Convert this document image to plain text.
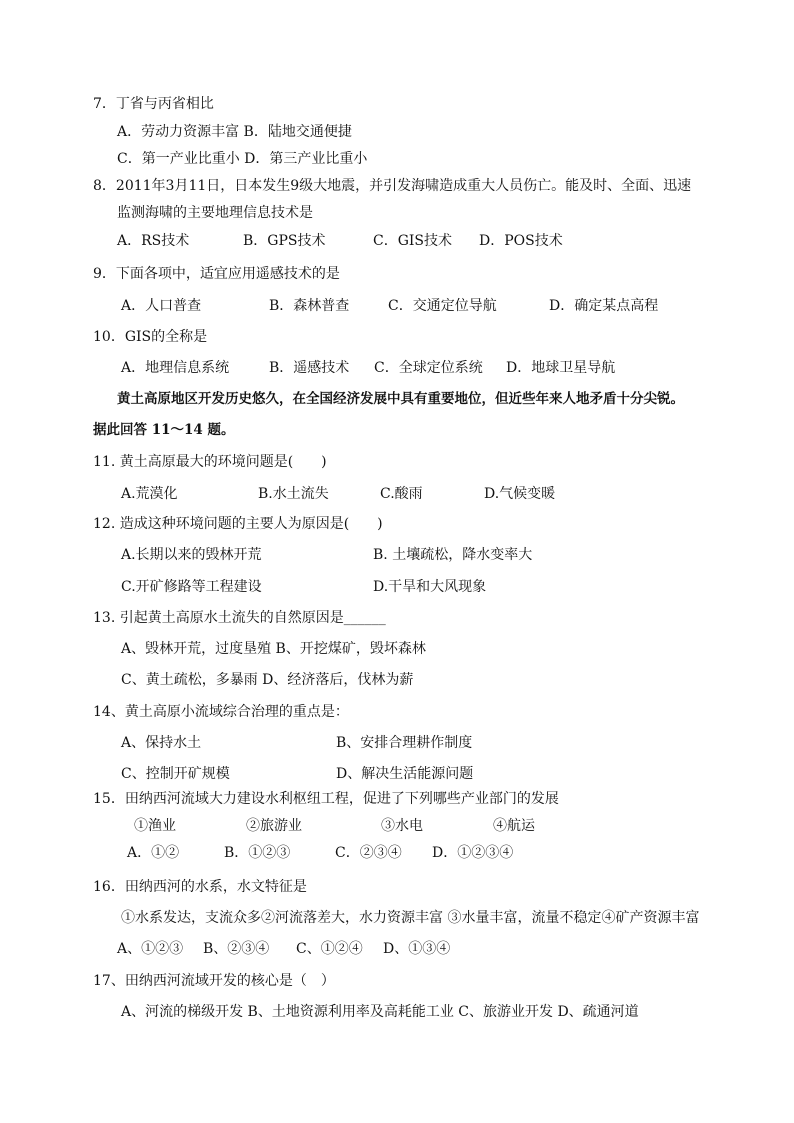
7．丁省与丙省相比
A．劳动力资源丰富 B．陆地交通便捷
C．第一产业比重小 D．第三产业比重小
8．2011年3月11日，日本发生9级大地震，并引发海啸造成重大人员伤亡。能及时、全面、迅速
监测海啸的主要地理信息技术是
A．RS技术	B．GPS技术	C．GIS技术 D．POS技术
9．下面各项中，适宜应用遥感技术的是
A．人口普查	B．森林普查	C．交通定位导航	D．确定某点高程
10．GIS的全称是
A．地理信息系统	B．遥感技术 C．全球定位系统 D．地球卫星导航
黄土高原地区开发历史悠久，在全国经济发展中具有重要地位，但近些年来人地矛盾十分尖锐。
据此回答 11～14 题。
11. 黄土高原最大的环境问题是(　　)
A.荒漠化	B.水土流失	C.酸雨	D.气候变暖
12. 造成这种环境问题的主要人为原因是(　　)
A.长期以来的毁林开荒	B. 土壤疏松，降水变率大
C.开矿修路等工程建设	D.干旱和大风现象
13. 引起黄土高原水土流失的自然原因是______
A、毁林开荒，过度垦殖 B、开挖煤矿，毁坏森林
C、黄土疏松，多暴雨 D、经济落后，伐林为薪
14、黄土高原小流域综合治理的重点是：
A、保持水土	B、安排合理耕作制度
C、控制开矿规模	D、解决生活能源问题
15．田纳西河流域大力建设水利枢纽工程，促进了下列哪些产业部门的发展
①渔业	②旅游业	③水电	④航运
A．①②	B．①②③	C．②③④ D．①②③④
16．田纳西河的水系，水文特征是
①水系发达，支流众多②河流落差大，水力资源丰富 ③水量丰富，流量不稳定④矿产资源丰富
A、①②③ B、②③④ C、①②④ D、①③④
17、田纳西河流域开发的核心是（　）
A、河流的梯级开发 B、土地资源利用率及高耗能工业 C、旅游业开发 D、疏通河道
